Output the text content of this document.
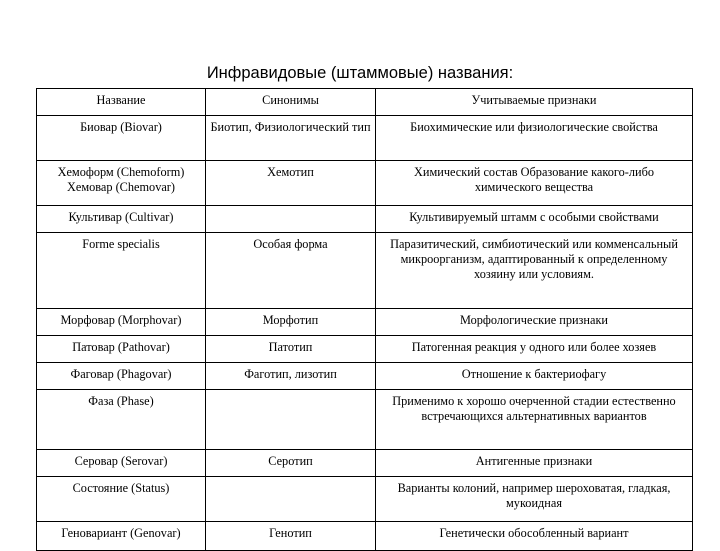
Инфравидовые (штаммовые) названия:
Название	Синонимы	Учитываемые признаки
Биовар (Biovar)	Биотип, Физиологический тип	Биохимические или физиологические свойства
Хемоформ (Chemoform) Хемовар (Chemovar)	Хемотип	Химический состав Образование какого-либо химического вещества
Культивар (Cultivar)		Культивируемый штамм с особыми свойствами
Forme specialis	Особая форма	Паразитический, симбиотический или комменсальный микроорганизм, адаптированный к определенному хозяину или условиям.
Морфовар (Morphovar)	Морфотип	Морфологические признаки
Патовар (Pathovar)	Патотип	Патогенная реакция у одного или более хозяев
Фаговар (Phagovar)	Фаготип, лизотип	Отношение к бактериофагу
Фаза (Phase)		Применимо к хорошо очерченной стадии естественно встречающихся альтернативных вариантов
Серовар (Serovar)	Серотип	Антигенные признаки
Состояние (Status)		Варианты колоний, например шероховатая, гладкая, мукоидная
Геновариант (Genovar)	Генотип	Генетически обособленный вариант
